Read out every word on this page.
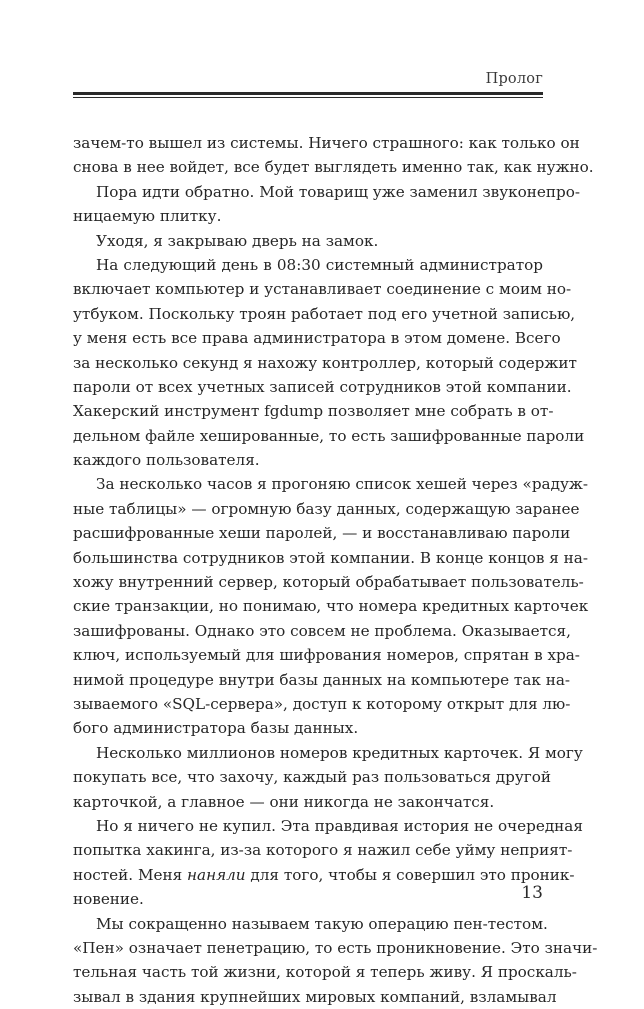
Пролог
зачем-то вышел из системы. Ничего страшного: как только он
снова в нее войдет, все будет выглядеть именно так, как нужно.
Пора идти обратно. Мой товарищ уже заменил звуконепро-
ницаемую плитку.
Уходя, я закрываю дверь на замок.
На следующий день в 08:30 системный администратор
включает компьютер и устанавливает соединение с моим но-
утбуком. Поскольку троян работает под его учетной записью,
у меня есть все права администратора в этом домене. Всего
за несколько секунд я нахожу контроллер, который содержит
пароли от всех учетных записей сотрудников этой компании.
Хакерский инструмент fgdump позволяет мне собрать в от-
дельном файле хешированные, то есть зашифрованные пароли
каждого пользователя.
За несколько часов я прогоняю список хешей через «радуж-
ные таблицы» — огромную базу данных, содержащую заранее
расшифрованные хеши паролей, — и восстанавливаю пароли
большинства сотрудников этой компании. В конце концов я на-
хожу внутренний сервер, который обрабатывает пользователь-
ские транзакции, но понимаю, что номера кредитных карточек
зашифрованы. Однако это совсем не проблема. Оказывается,
ключ, используемый для шифрования номеров, спрятан в хра-
нимой процедуре внутри базы данных на компьютере так на-
зываемого «SQL-сервера», доступ к которому открыт для лю-
бого администратора базы данных.
Несколько миллионов номеров кредитных карточек. Я могу
покупать все, что захочу, каждый раз пользоваться другой
карточкой, а главное — они никогда не закончатся.
Но я ничего не купил. Эта правдивая история не очередная
попытка хакинга, из-за которого я нажил себе уйму неприят-
ностей. Меня наняли для того, чтобы я совершил это проник-
новение.
Мы сокращенно называем такую операцию пен-тестом.
«Пен» означает пенетрацию, то есть проникновение. Это значи-
тельная часть той жизни, которой я теперь живу. Я проскаль-
зывал в здания крупнейших мировых компаний, взламывал
13
